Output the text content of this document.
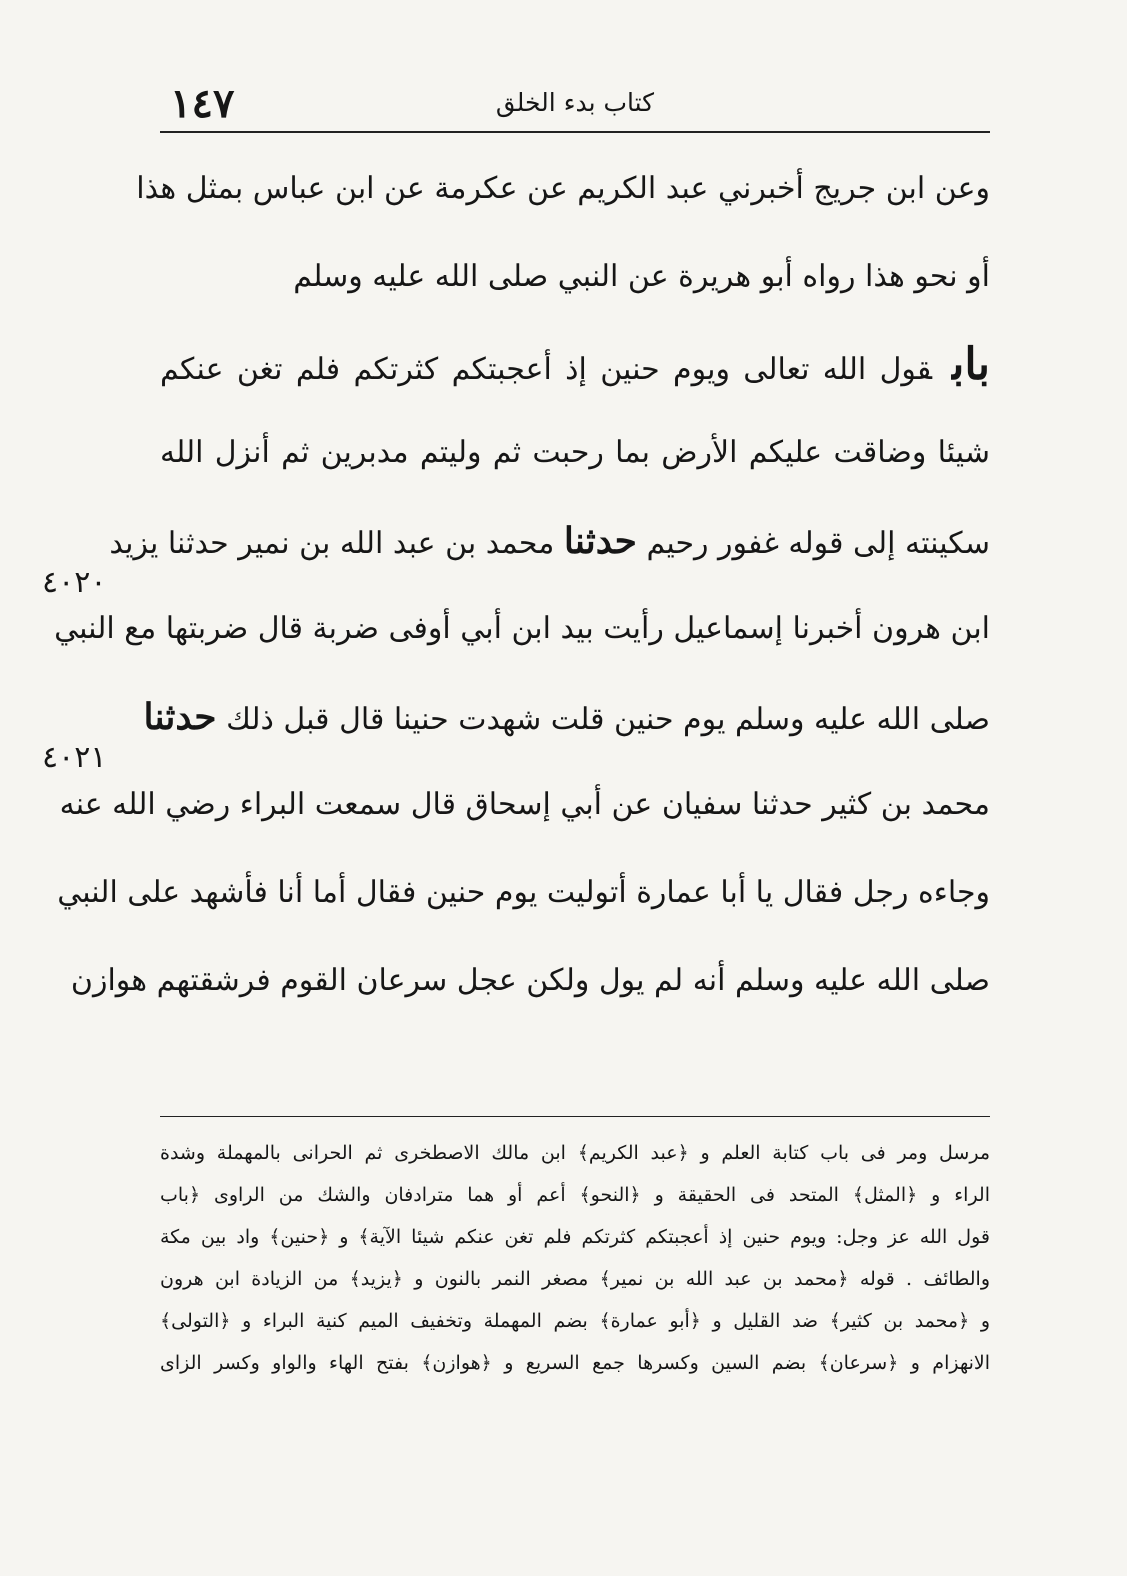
١٤٧	كتاب بدء الخلق
٤٠٢٠
٤٠٢١
وعن ابن جريج أخبرني عبد الكريم عن عكرمة عن ابن عباس بمثل هذا
أو نحو هذا رواه أبو هريرة عن النبي صلى الله عليه وسلم
بابقول الله تعالى ويوم حنين إذ أعجبتكم كثرتكم فلم تغن عنكم
شيئا وضاقت عليكم الأرض بما رحبت ثم وليتم مدبرين ثم أنزل الله
سكينته إلى قوله غفور رحيم حدثنا محمد بن عبد الله بن نمير حدثنا يزيد
ابن هرون أخبرنا إسماعيل رأيت بيد ابن أبي أوفى ضربة قال ضربتها مع النبي
صلى الله عليه وسلم يوم حنين قلت شهدت حنينا قال قبل ذلك حدثنا
محمد بن كثير حدثنا سفيان عن أبي إسحاق قال سمعت البراء رضي الله عنه
وجاءه رجل فقال يا أبا عمارة أتوليت يوم حنين فقال أما أنا فأشهد على النبي
صلى الله عليه وسلم أنه لم يول ولكن عجل سرعان القوم فرشقتهم هوازن
مرسل ومر فى باب كتابة العلم و ﴿عبد الكريم﴾ ابن مالك الاصطخرى ثم الحرانى بالمهملة وشدة
الراء و ﴿المثل﴾ المتحد فى الحقيقة و ﴿النحو﴾ أعم أو هما مترادفان والشك من الراوى ﴿باب
قول الله عز وجل: ويوم حنين إذ أعجبتكم كثرتكم فلم تغن عنكم شيئا الآية﴾ و ﴿حنين﴾ واد بين مكة
والطائف . قوله ﴿محمد بن عبد الله بن نمير﴾ مصغر النمر بالنون و ﴿يزيد﴾ من الزيادة ابن هرون
و ﴿محمد بن كثير﴾ ضد القليل و ﴿أبو عمارة﴾ بضم المهملة وتخفيف الميم كنية البراء و ﴿التولى﴾
الانهزام و ﴿سرعان﴾ بضم السين وكسرها جمع السريع و ﴿هوازن﴾ بفتح الهاء والواو وكسر الزاى
